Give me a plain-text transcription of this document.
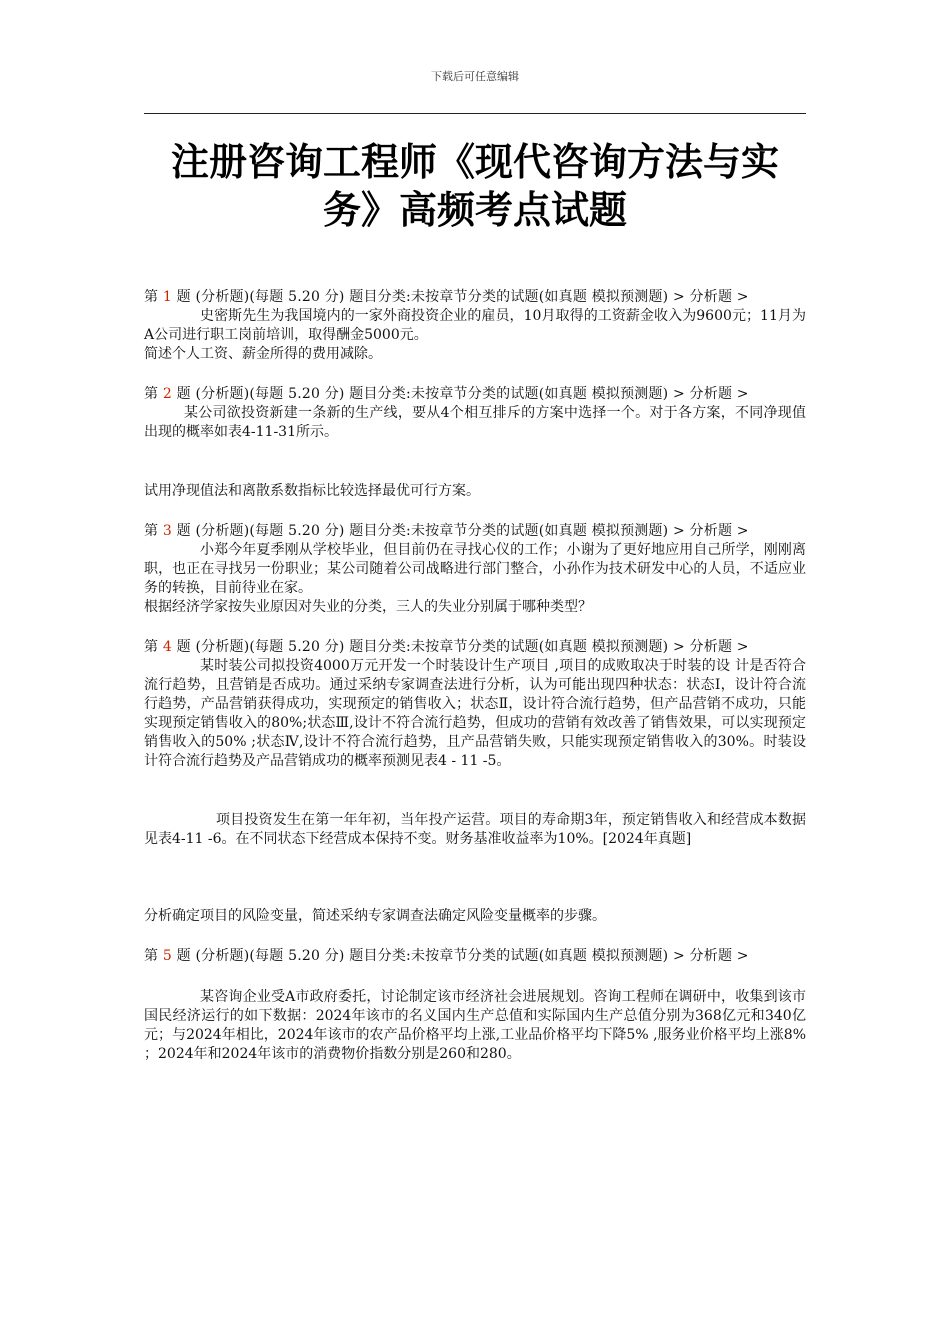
下载后可任意编辑
注册咨询工程师《现代咨询方法与实务》高频考点试题
第 1 题 (分析题)(每题 5.20 分) 题目分类:未按章节分类的试题(如真题 模拟预测题) > 分析题 >

史密斯先生为我国境内的一家外商投资企业的雇员，10月取得的工资薪金收入为9600元；11月为A公司进行职工岗前培训，取得酬金5000元。

简述个人工资、薪金所得的费用减除。

第 2 题 (分析题)(每题 5.20 分) 题目分类:未按章节分类的试题(如真题 模拟预测题) > 分析题 >

某公司欲投资新建一条新的生产线，要从4个相互排斥的方案中选择一个。对于各方案，不同净现值出现的概率如表4-11-31所示。

试用净现值法和离散系数指标比较选择最优可行方案。

第 3 题 (分析题)(每题 5.20 分) 题目分类:未按章节分类的试题(如真题 模拟预测题) > 分析题 >

小郑今年夏季刚从学校毕业，但目前仍在寻找心仪的工作；小谢为了更好地应用自己所学，刚刚离职，也正在寻找另一份职业；某公司随着公司战略进行部门整合，小孙作为技术研发中心的人员，不适应业务的转换，目前待业在家。

根据经济学家按失业原因对失业的分类，三人的失业分别属于哪种类型？

第 4 题 (分析题)(每题 5.20 分) 题目分类:未按章节分类的试题(如真题 模拟预测题) > 分析题 >

某时装公司拟投资4000万元开发一个时装设计生产项目 ,项目的成败取决于时装的设 计是否符合流行趋势，且营销是否成功。通过采纳专家调查法进行分析，认为可能出现四种状态：状态Ⅰ，设计符合流行趋势，产品营销获得成功，实现预定的销售收入；状态Ⅱ，设计符合流行趋势，但产品营销不成功，只能实现预定销售收入的80%;状态Ⅲ,设计不符合流行趋势，但成功的营销有效改善了销售效果，可以实现预定销售收入的50% ;状态Ⅳ,设计不符合流行趋势，且产品营销失败，只能实现预定销售收入的30%。时装设计符合流行趋势及产品营销成功的概率预测见表4 - 11 -5。

项目投资发生在第一年年初，当年投产运营。项目的寿命期3年，预定销售收入和经营成本数据见表4-11 -6。在不同状态下经营成本保持不变。财务基准收益率为10%。[2024年真题]

分析确定项目的风险变量，简述采纳专家调查法确定风险变量概率的步骤。

第 5 题 (分析题)(每题 5.20 分) 题目分类:未按章节分类的试题(如真题 模拟预测题) > 分析题 >

某咨询企业受A市政府委托，讨论制定该市经济社会进展规划。咨询工程师在调研中，收集到该市国民经济运行的如下数据：2024年该市的名义国内生产总值和实际国内生产总值分别为368亿元和340亿元；与2024年相比，2024年该市的农产品价格平均上涨,工业品价格平均下降5% ,服务业价格平均上涨8% ；2024年和2024年该市的消费物价指数分别是260和280。
